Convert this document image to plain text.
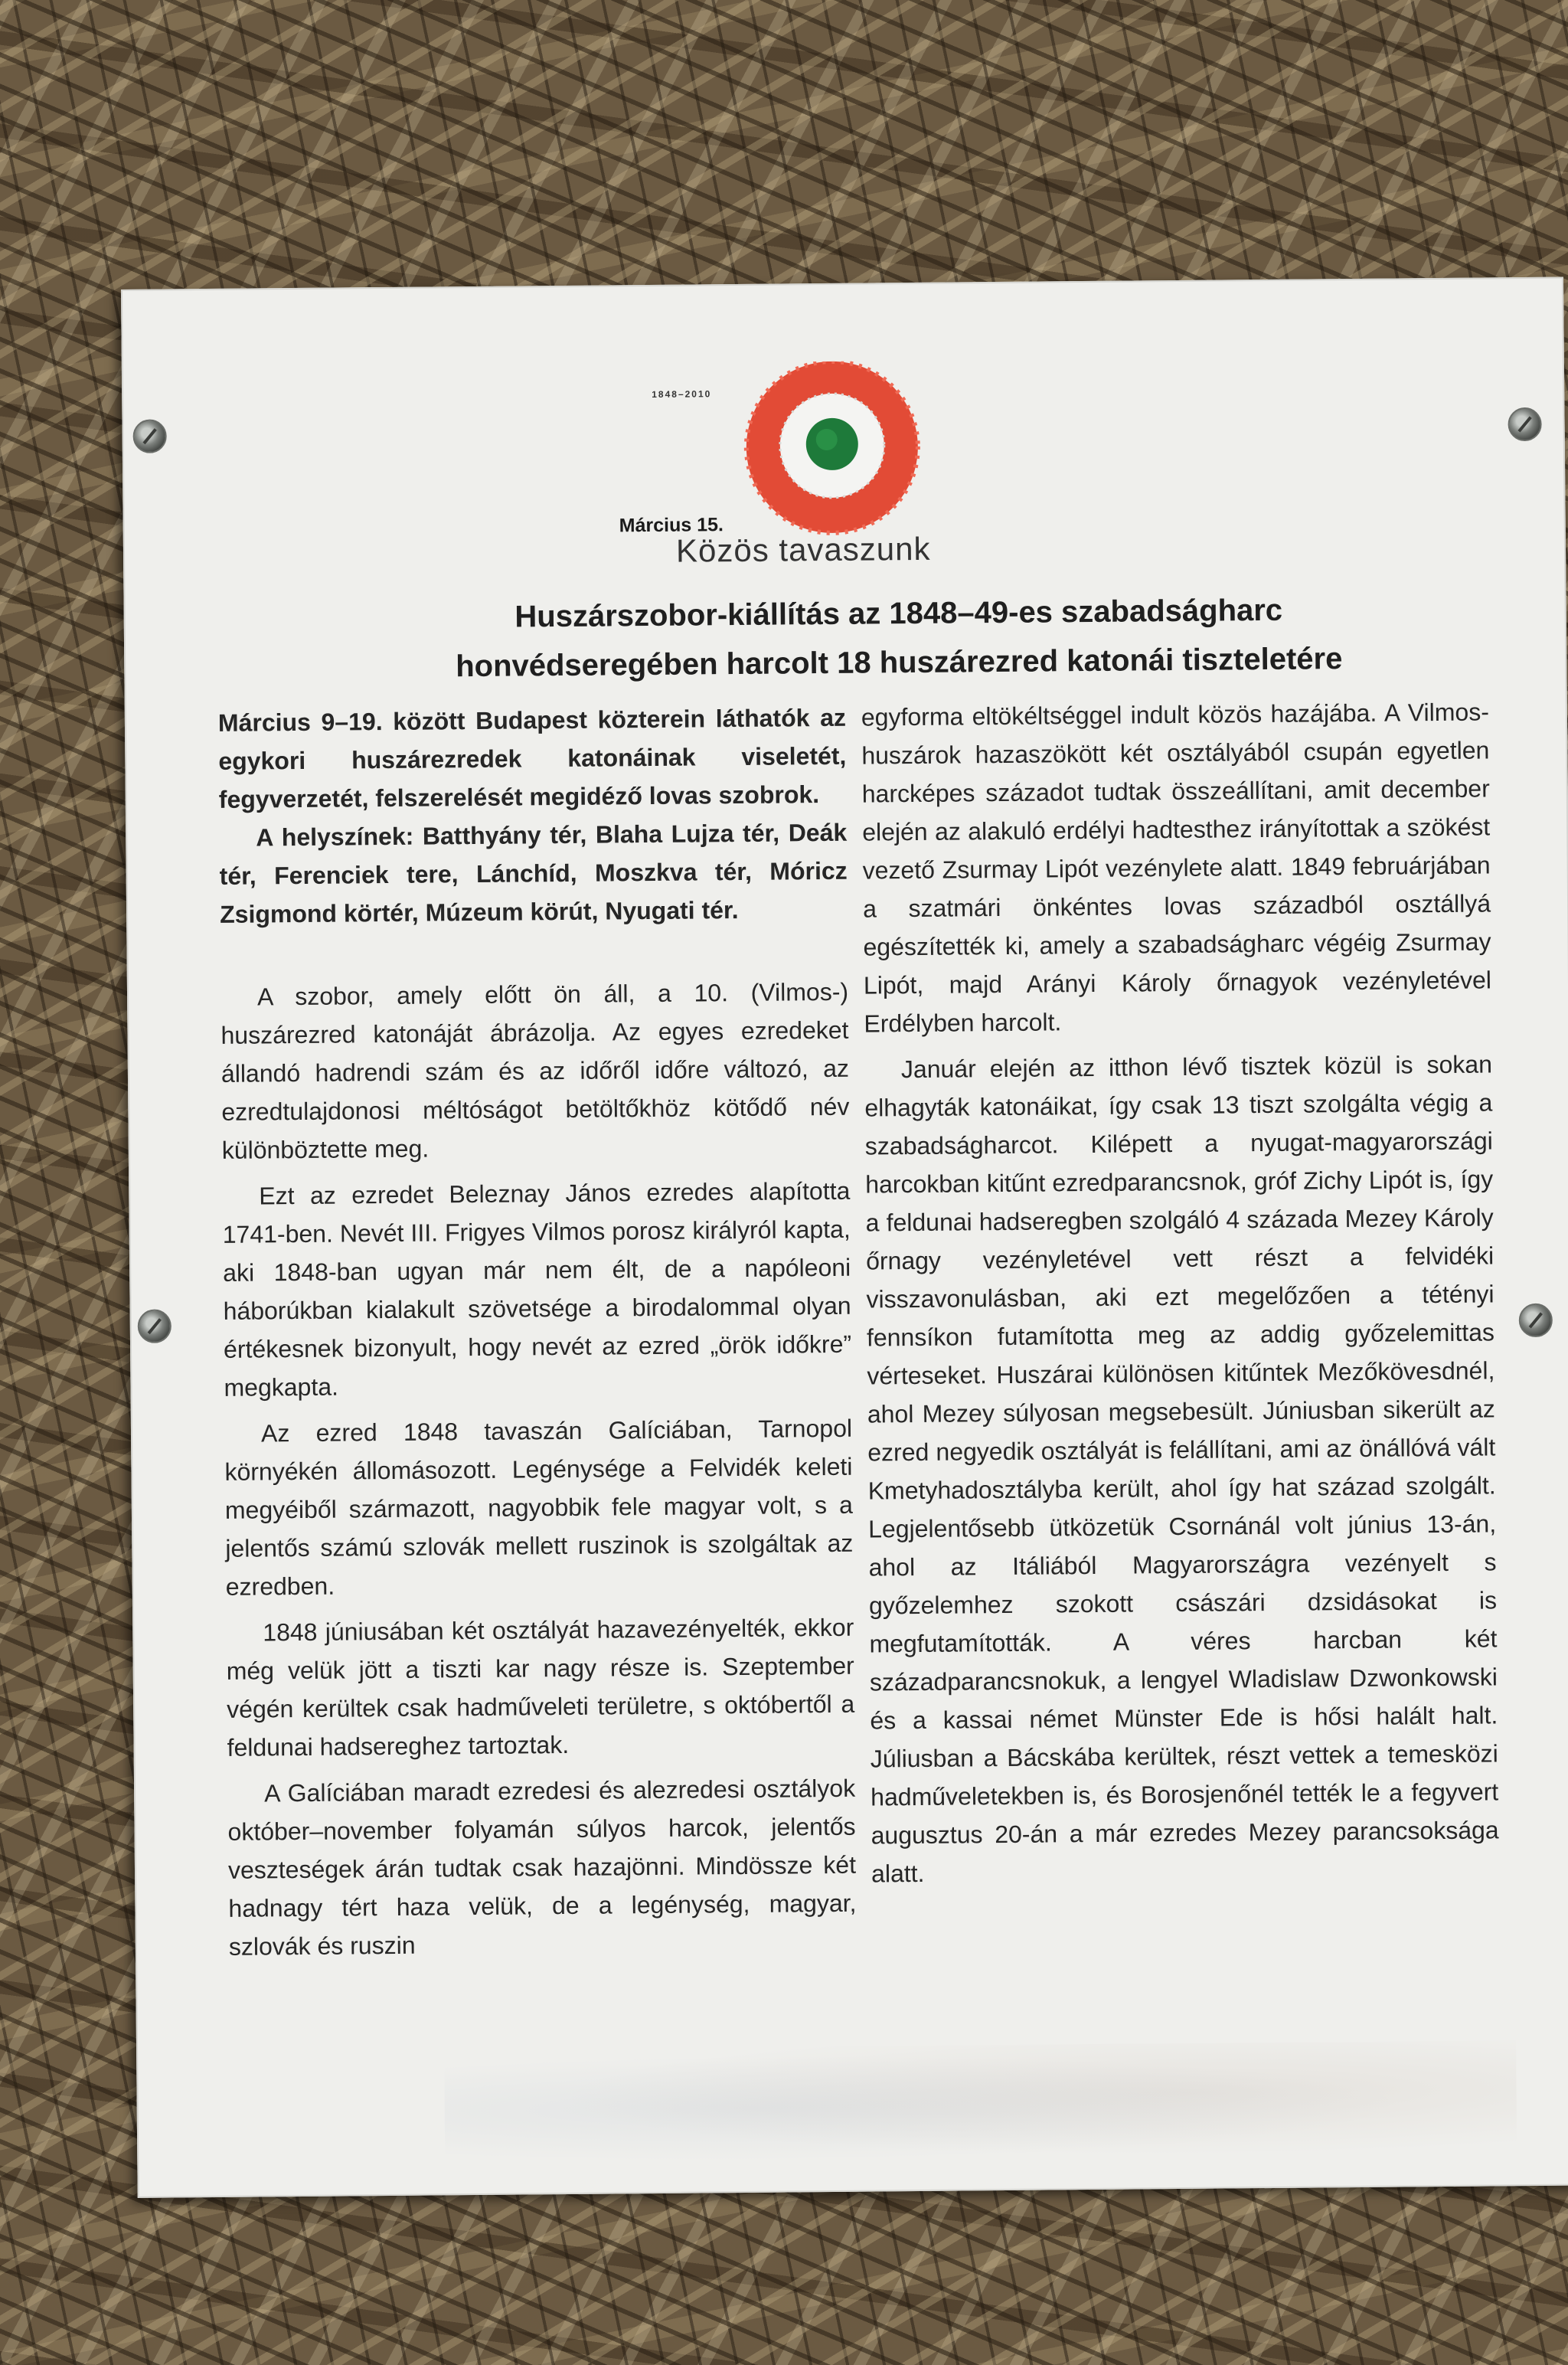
1848–2010
Március 15.
Közös tavaszunk
Huszárszobor-kiállítás az 1848–49-es szabadságharc
honvédseregében harcolt 18 huszárezred katonái tiszteletére

Március 9–19. között Budapest közterein láthatók az egykori huszárezredek katonáinak viseletét, fegyverzetét, felszerelését megidéző lovas szobrok.

A helyszínek: Batthyány tér, Blaha Lujza tér, Deák tér, Ferenciek tere, Lánchíd, Moszkva tér, Móricz Zsigmond körtér, Múzeum körút, Nyugati tér.

A szobor, amely előtt ön áll, a 10. (Vilmos-) huszárezred katonáját ábrázolja. Az egyes ezredeket állandó hadrendi szám és az időről időre változó, az ezredtulajdonosi méltóságot betöltőkhöz kötődő név különböztette meg.

Ezt az ezredet Beleznay János ezredes alapította 1741-ben. Nevét III. Frigyes Vilmos porosz királyról kapta, aki 1848-ban ugyan már nem élt, de a napóleoni háborúkban kialakult szövetsége a birodalommal olyan értékesnek bizonyult, hogy nevét az ezred „örök időkre” megkapta.

Az ezred 1848 tavaszán Galíciában, Tarnopol környékén állomásozott. Legénysége a Felvidék keleti megyéiből származott, nagyobbik fele magyar volt, s a jelentős számú szlovák mellett ruszinok is szolgáltak az ezredben.

1848 júniusában két osztályát hazavezényelték, ekkor még velük jött a tiszti kar nagy része is. Szeptember végén kerültek csak hadműveleti területre, s októbertől a feldunai hadsereghez tartoztak.

A Galíciában maradt ezredesi és alezredesi osztályok október–november folyamán súlyos harcok, jelentős veszteségek árán tudtak csak hazajönni. Mindössze két hadnagy tért haza velük, de a legénység, magyar, szlovák és ruszin

egyforma eltökéltséggel indult közös hazájába. A Vilmos-huszárok hazaszökött két osztályából csupán egyetlen harcképes századot tudtak összeállítani, amit december elején az alakuló erdélyi hadtesthez irányítottak a szökést vezető Zsurmay Lipót vezénylete alatt. 1849 februárjában a szatmári önkéntes lovas századból osztállyá egészítették ki, amely a szabadságharc végéig Zsurmay Lipót, majd Arányi Károly őrnagyok vezényletével Erdélyben harcolt.

Január elején az itthon lévő tisztek közül is sokan elhagyták katonáikat, így csak 13 tiszt szolgálta végig a szabadságharcot. Kilépett a nyugat-magyarországi harcokban kitűnt ezredparancsnok, gróf Zichy Lipót is, így a feldunai hadseregben szolgáló 4 százada Mezey Károly őrnagy vezényletével vett részt a felvidéki visszavonulásban, aki ezt megelőzően a tétényi fennsíkon futamította meg az addig győzelemittas vérteseket. Huszárai különösen kitűntek Mezőkövesdnél, ahol Mezey súlyosan megsebesült. Júniusban sikerült az ezred negyedik osztályát is felállítani, ami az önállóvá vált Kmetyhadosztályba került, ahol így hat század szolgált. Legjelentősebb ütközetük Csornánál volt június 13-án, ahol az Itáliából Magyarországra vezényelt s győzelemhez szokott császári dzsidásokat is megfutamították. A véres harcban két századparancsnokuk, a lengyel Wladislaw Dzwonkowski és a kassai német Münster Ede is hősi halált halt. Júliusban a Bácskába kerültek, részt vettek a temesközi hadműveletekben is, és Borosjenőnél tették le a fegyvert augusztus 20-án a már ezredes Mezey parancsoksága alatt.
